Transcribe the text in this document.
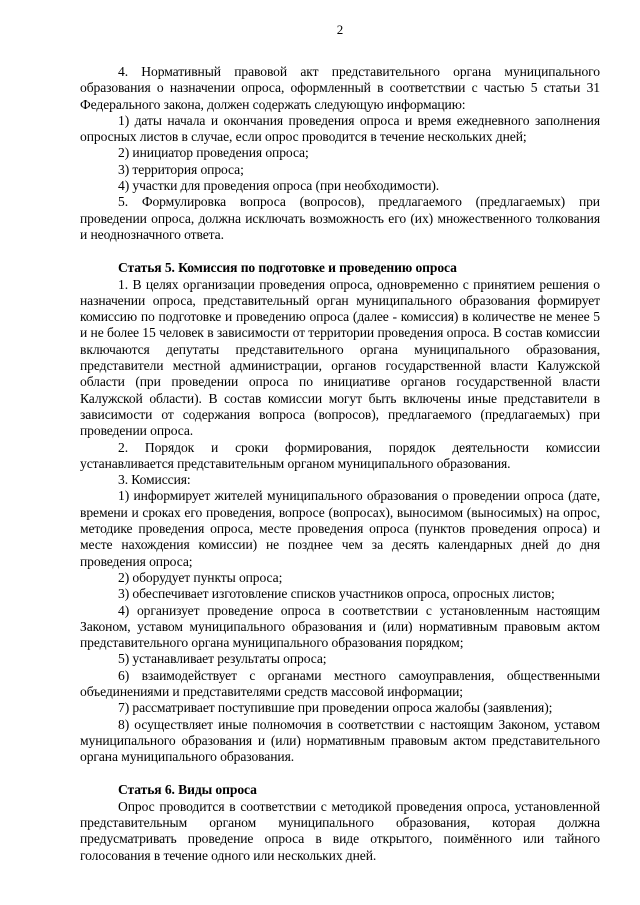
2

4. Нормативный правовой акт представительного органа муниципального образования о назначении опроса, оформленный в соответствии с частью 5 статьи 31 Федерального закона, должен содержать следующую информацию:

1) даты начала и окончания проведения опроса и время ежедневного заполнения опросных листов в случае, если опрос проводится в течение нескольких дней;

2) инициатор проведения опроса;

3) территория опроса;

4) участки для проведения опроса (при необходимости).

5. Формулировка вопроса (вопросов), предлагаемого (предлагаемых) при проведении опроса, должна исключать возможность его (их) множественного толкования и неоднозначного ответа.

Статья 5. Комиссия по подготовке и проведению опроса

1. В целях организации проведения опроса, одновременно с принятием решения о назначении опроса, представительный орган муниципального образования формирует комиссию по подготовке и проведению опроса (далее - комиссия) в количестве не менее 5 и не более 15 человек в зависимости от территории проведения опроса. В состав комиссии включаются депутаты представительного органа муниципального образования, представители местной администрации, органов государственной власти Калужской области (при проведении опроса по инициативе органов государственной власти Калужской области). В состав комиссии могут быть включены иные представители в зависимости от содержания вопроса (вопросов), предлагаемого (предлагаемых) при проведении опроса.

2. Порядок и сроки формирования, порядок деятельности комиссии устанавливается представительным органом муниципального образования.

3. Комиссия:

1) информирует жителей муниципального образования о проведении опроса (дате, времени и сроках его проведения, вопросе (вопросах), выносимом (выносимых) на опрос, методике проведения опроса, месте проведения опроса (пунктов проведения опроса) и месте нахождения комиссии) не позднее чем за десять календарных дней до дня проведения опроса;

2) оборудует пункты опроса;

3) обеспечивает изготовление списков участников опроса, опросных листов;

4) организует проведение опроса в соответствии с установленным настоящим Законом, уставом муниципального образования и (или) нормативным правовым актом представительного органа муниципального образования порядком;

5) устанавливает результаты опроса;

6) взаимодействует с органами местного самоуправления, общественными объединениями и представителями средств массовой информации;

7) рассматривает поступившие при проведении опроса жалобы (заявления);

8) осуществляет иные полномочия в соответствии с настоящим Законом, уставом муниципального образования и (или) нормативным правовым актом представительного органа муниципального образования.

Статья 6. Виды опроса

Опрос проводится в соответствии с методикой проведения опроса, установленной представительным органом муниципального образования, которая должна предусматривать проведение опроса в виде открытого, поимённого или тайного голосования в течение одного или нескольких дней.
